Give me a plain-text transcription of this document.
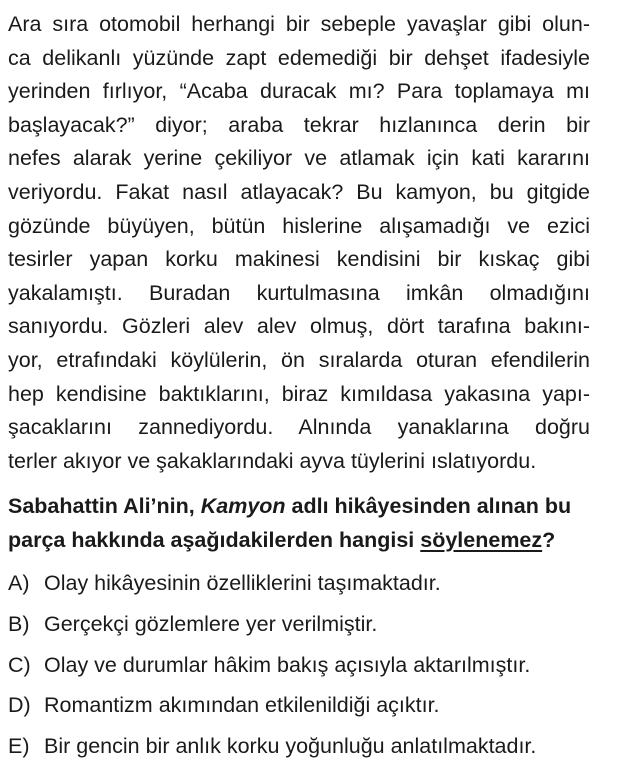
Ara sıra otomobil herhangi bir sebeple yavaşlar gibi olun-
ca delikanlı yüzünde zapt edemediği bir dehşet ifadesiyle
yerinden fırlıyor, “Acaba duracak mı? Para toplamaya mı
başlayacak?” diyor; araba tekrar hızlanınca derin bir
nefes alarak yerine çekiliyor ve atlamak için kati kararını
veriyordu. Fakat nasıl atlayacak? Bu kamyon, bu gitgide
gözünde büyüyen, bütün hislerine alışamadığı ve ezici
tesirler yapan korku makinesi kendisini bir kıskaç gibi
yakalamıştı. Buradan kurtulmasına imkân olmadığını
sanıyordu. Gözleri alev alev olmuş, dört tarafına bakını-
yor, etrafındaki köylülerin, ön sıralarda oturan efendilerin
hep kendisine baktıklarını, biraz kımıldasa yakasına yapı-
şacaklarını zannediyordu. Alnında yanaklarına doğru
terler akıyor ve şakaklarındaki ayva tüylerini ıslatıyordu.
Sabahattin Ali’nin, Kamyon adlı hikâyesinden alınan bu
parça hakkında aşağıdakilerden hangisi söylenemez?
A) Olay hikâyesinin özelliklerini taşımaktadır.
B) Gerçekçi gözlemlere yer verilmiştir.
C) Olay ve durumlar hâkim bakış açısıyla aktarılmıştır.
D) Romantizm akımından etkilenildiği açıktır.
E) Bir gencin bir anlık korku yoğunluğu anlatılmaktadır.
